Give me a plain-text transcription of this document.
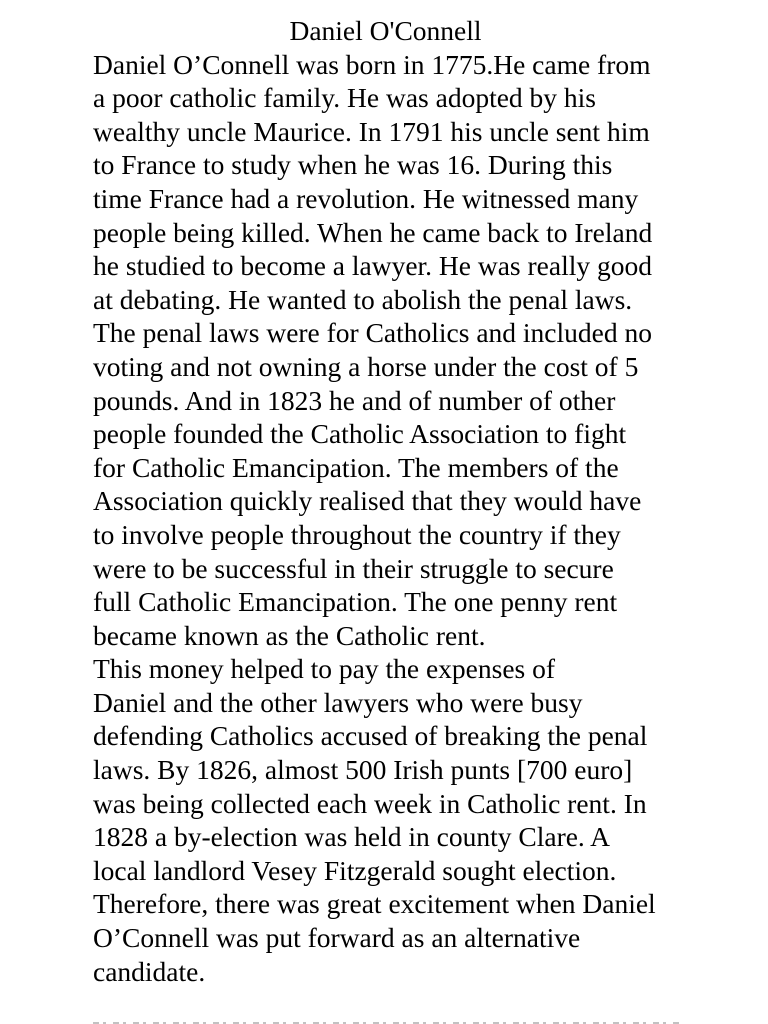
Daniel O'Connell
Daniel O’Connell was born in 1775.He came from
a poor catholic family. He was adopted by his
wealthy uncle Maurice. In 1791 his uncle sent him
to France to study when he was 16. During this
time France had a revolution. He witnessed many
people being killed. When he came back to Ireland
he studied to become a lawyer. He was really good
at debating. He wanted to abolish the penal laws.
The penal laws were for Catholics and included no
voting and not owning a horse under the cost of 5
pounds. And in 1823 he and of number of other
people founded the Catholic Association to fight
for Catholic Emancipation. The members of the
Association quickly realised that they would have
to involve people throughout the country if they
were to be successful in their struggle to secure
full Catholic Emancipation. The one penny rent
became known as the Catholic rent.
This money helped to pay the expenses of
Daniel and the other lawyers who were busy
defending Catholics accused of breaking the penal
laws. By 1826, almost 500 Irish punts [700 euro]
was being collected each week in Catholic rent. In
1828 a by-election was held in county Clare. A
local landlord Vesey Fitzgerald sought election.
Therefore, there was great excitement when Daniel
O’Connell was put forward as an alternative
candidate.
